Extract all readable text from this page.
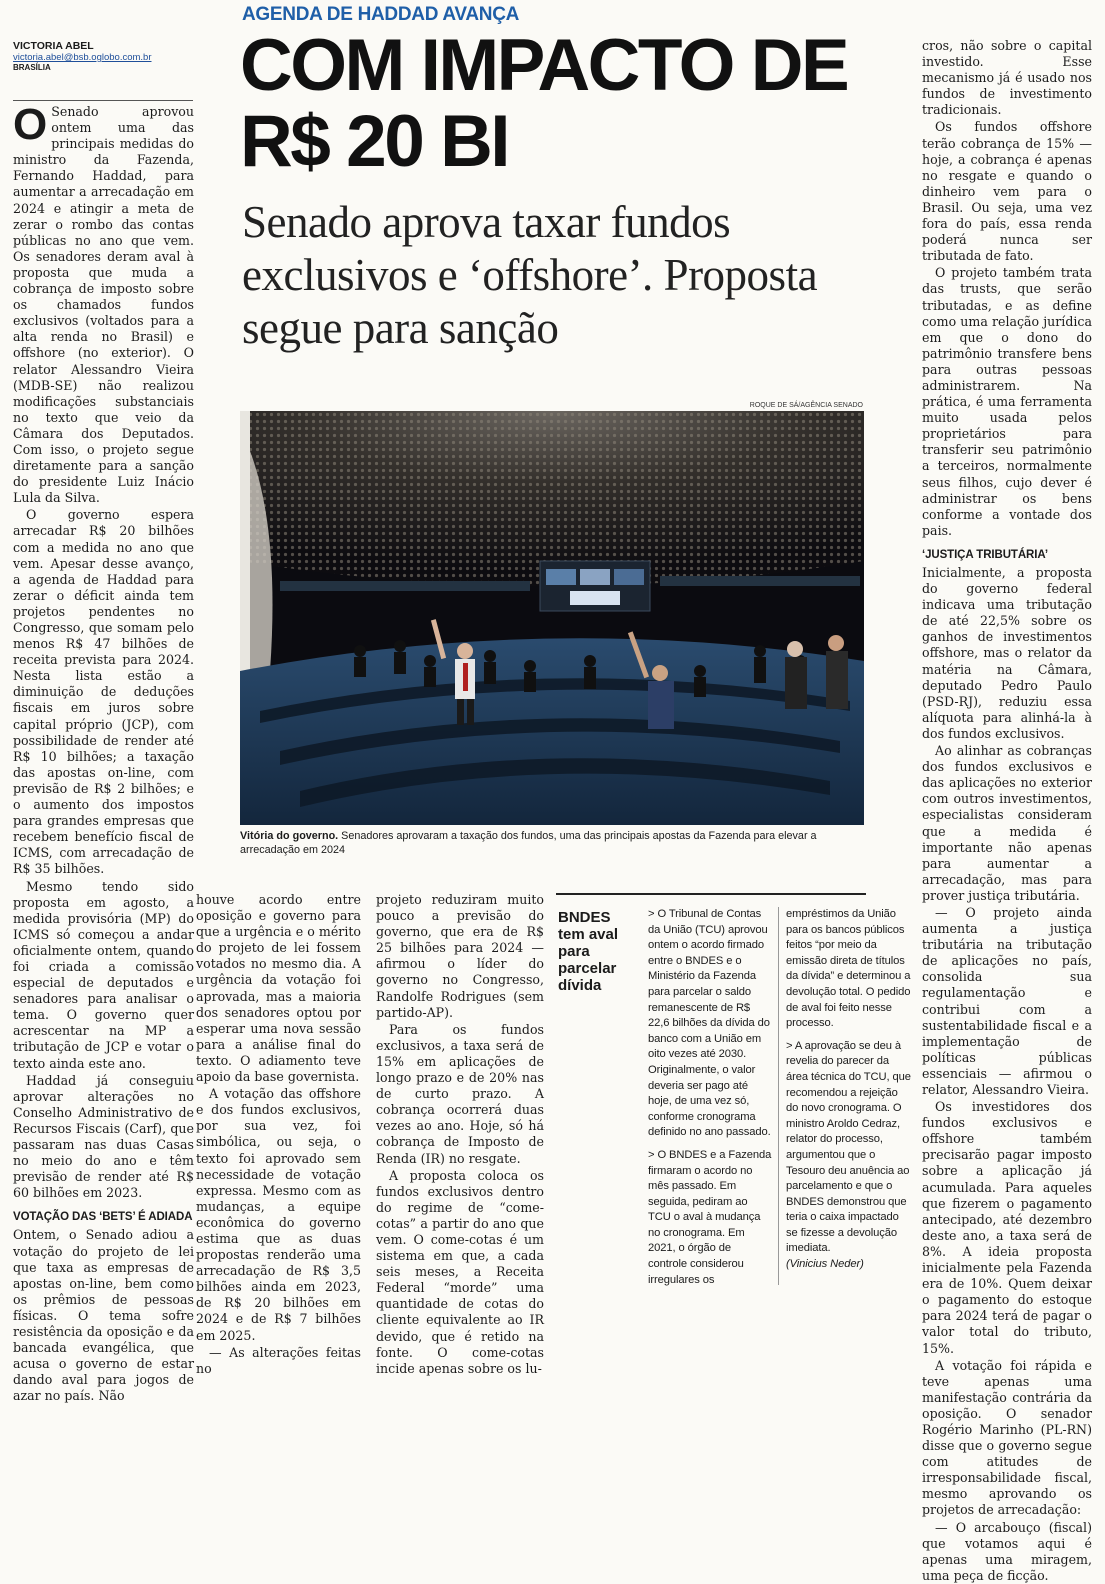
AGENDA DE HADDAD AVANÇA
COM IMPACTO DE R$ 20 BI
Senado aprova taxar fundos exclusivos e ‘offshore’. Proposta segue para sanção
VICTORIA ABEL
victoria.abel@bsb.oglobo.com.br
BRASÍLIA

O Senado aprovou ontem uma das principais medidas do ministro da Fazenda, Fernando Haddad, para aumentar a arrecadação em 2024 e atingir a meta de zerar o rombo das contas públicas no ano que vem. Os senadores deram aval à proposta que muda a cobrança de imposto sobre os chamados fundos exclusivos (voltados para a alta renda no Brasil) e offshore (no exterior). O relator Alessandro Vieira (MDB-SE) não realizou modificações substanciais no texto que veio da Câmara dos Deputados. Com isso, o projeto segue diretamente para a sanção do presidente Luiz Inácio Lula da Silva.

O governo espera arrecadar R$ 20 bilhões com a medida no ano que vem. Apesar desse avanço, a agenda de Haddad para zerar o déficit ainda tem projetos pendentes no Congresso, que somam pelo menos R$ 47 bilhões de receita prevista para 2024. Nesta lista estão a diminuição de deduções fiscais em juros sobre capital próprio (JCP), com possibilidade de render até R$ 10 bilhões; a taxação das apostas on-line, com previsão de R$ 2 bilhões; e o aumento dos impostos para grandes empresas que recebem benefício fiscal de ICMS, com arrecadação de R$ 35 bilhões.

Mesmo tendo sido proposta em agosto, a medida provisória (MP) do ICMS só começou a andar oficialmente ontem, quando foi criada a comissão especial de deputados e senadores para analisar o tema. O governo quer acrescentar na MP a tributação de JCP e votar o texto ainda este ano.

Haddad já conseguiu aprovar alterações no Conselho Administrativo de Recursos Fiscais (Carf), que passaram nas duas Casas no meio do ano e têm previsão de render até R$ 60 bilhões em 2023.

VOTAÇÃO DAS ‘BETS’ É ADIADA

Ontem, o Senado adiou a votação do projeto de lei que taxa as empresas de apostas on-line, bem como os prêmios de pessoas físicas. O tema sofre resistência da oposição e da bancada evangélica, que acusa o governo de estar dando aval para jogos de azar no país. Não

ROQUE DE SÁ/AGÊNCIA SENADO
Vitória do governo. Senadores aprovaram a taxação dos fundos, uma das principais apostas da Fazenda para elevar a arrecadação em 2024

houve acordo entre oposição e governo para que a urgência e o mérito do projeto de lei fossem votados no mesmo dia. A urgência da votação foi aprovada, mas a maioria dos senadores optou por esperar uma nova sessão para a análise final do texto. O adiamento teve apoio da base governista.

A votação das offshore e dos fundos exclusivos, por sua vez, foi simbólica, ou seja, o texto foi aprovado sem necessidade de votação expressa. Mesmo com as mudanças, a equipe econômica do governo estima que as duas propostas renderão uma arrecadação de R$ 3,5 bilhões ainda em 2023, de R$ 20 bilhões em 2024 e de R$ 7 bilhões em 2025.

— As alterações feitas no

projeto reduziram muito pouco a previsão do governo, que era de R$ 25 bilhões para 2024 — afirmou o líder do governo no Congresso, Randolfe Rodrigues (sem partido-AP).

Para os fundos exclusivos, a taxa será de 15% em aplicações de longo prazo e de 20% nas de curto prazo. A cobrança ocorrerá duas vezes ao ano. Hoje, só há cobrança de Imposto de Renda (IR) no resgate.

A proposta coloca os fundos exclusivos dentro do regime de “come-cotas” a partir do ano que vem. O come-cotas é um sistema em que, a cada seis meses, a Receita Federal “morde” uma quantidade de cotas do cliente equivalente ao IR devido, que é retido na fonte. O come-cotas incide apenas sobre os lu-

BNDES tem aval para parcelar dívida

> O Tribunal de Contas da União (TCU) aprovou ontem o acordo firmado entre o BNDES e o Ministério da Fazenda para parcelar o saldo remanescente de R$ 22,6 bilhões da dívida do banco com a União em oito vezes até 2030. Originalmente, o valor deveria ser pago até hoje, de uma vez só, conforme cronograma definido no ano passado.

> O BNDES e a Fazenda firmaram o acordo no mês passado. Em seguida, pediram ao TCU o aval à mudança no cronograma. Em 2021, o órgão de controle considerou irregulares os

empréstimos da União para os bancos públicos feitos “por meio da emissão direta de títulos da dívida” e determinou a devolução total. O pedido de aval foi feito nesse processo.

> A aprovação se deu à revelia do parecer da área técnica do TCU, que recomendou a rejeição do novo cronograma. O ministro Aroldo Cedraz, relator do processo, argumentou que o Tesouro deu anuência ao parcelamento e que o BNDES demonstrou que teria o caixa impactado se fizesse a devolução imediata.

(Vinicius Neder)

cros, não sobre o capital investido. Esse mecanismo já é usado nos fundos de investimento tradicionais.

Os fundos offshore terão cobrança de 15% — hoje, a cobrança é apenas no resgate e quando o dinheiro vem para o Brasil. Ou seja, uma vez fora do país, essa renda poderá nunca ser tributada de fato.

O projeto também trata das trusts, que serão tributadas, e as define como uma relação jurídica em que o dono do patrimônio transfere bens para outras pessoas administrarem. Na prática, é uma ferramenta muito usada pelos proprietários para transferir seu patrimônio a terceiros, normalmente seus filhos, cujo dever é administrar os bens conforme a vontade dos pais.

‘JUSTIÇA TRIBUTÁRIA’

Inicialmente, a proposta do governo federal indicava uma tributação de até 22,5% sobre os ganhos de investimentos offshore, mas o relator da matéria na Câmara, deputado Pedro Paulo (PSD-RJ), reduziu essa alíquota para alinhá-la à dos fundos exclusivos.

Ao alinhar as cobranças dos fundos exclusivos e das aplicações no exterior com outros investimentos, especialistas consideram que a medida é importante não apenas para aumentar a arrecadação, mas para prover justiça tributária.

— O projeto ainda aumenta a justiça tributária na tributação de aplicações no país, consolida sua regulamentação e contribui com a sustentabilidade fiscal e a implementação de políticas públicas essenciais — afirmou o relator, Alessandro Vieira.

Os investidores dos fundos exclusivos e offshore também precisarão pagar imposto sobre a aplicação já acumulada. Para aqueles que fizerem o pagamento antecipado, até dezembro deste ano, a taxa será de 8%. A ideia proposta inicialmente pela Fazenda era de 10%. Quem deixar o pagamento do estoque para 2024 terá de pagar o valor total do tributo, 15%.

A votação foi rápida e teve apenas uma manifestação contrária da oposição. O senador Rogério Marinho (PL-RN) disse que o governo segue com atitudes de irresponsabilidade fiscal, mesmo aprovando os projetos de arrecadação:

— O arcabouço (fiscal) que votamos aqui é apenas uma miragem, uma peça de ficção.
